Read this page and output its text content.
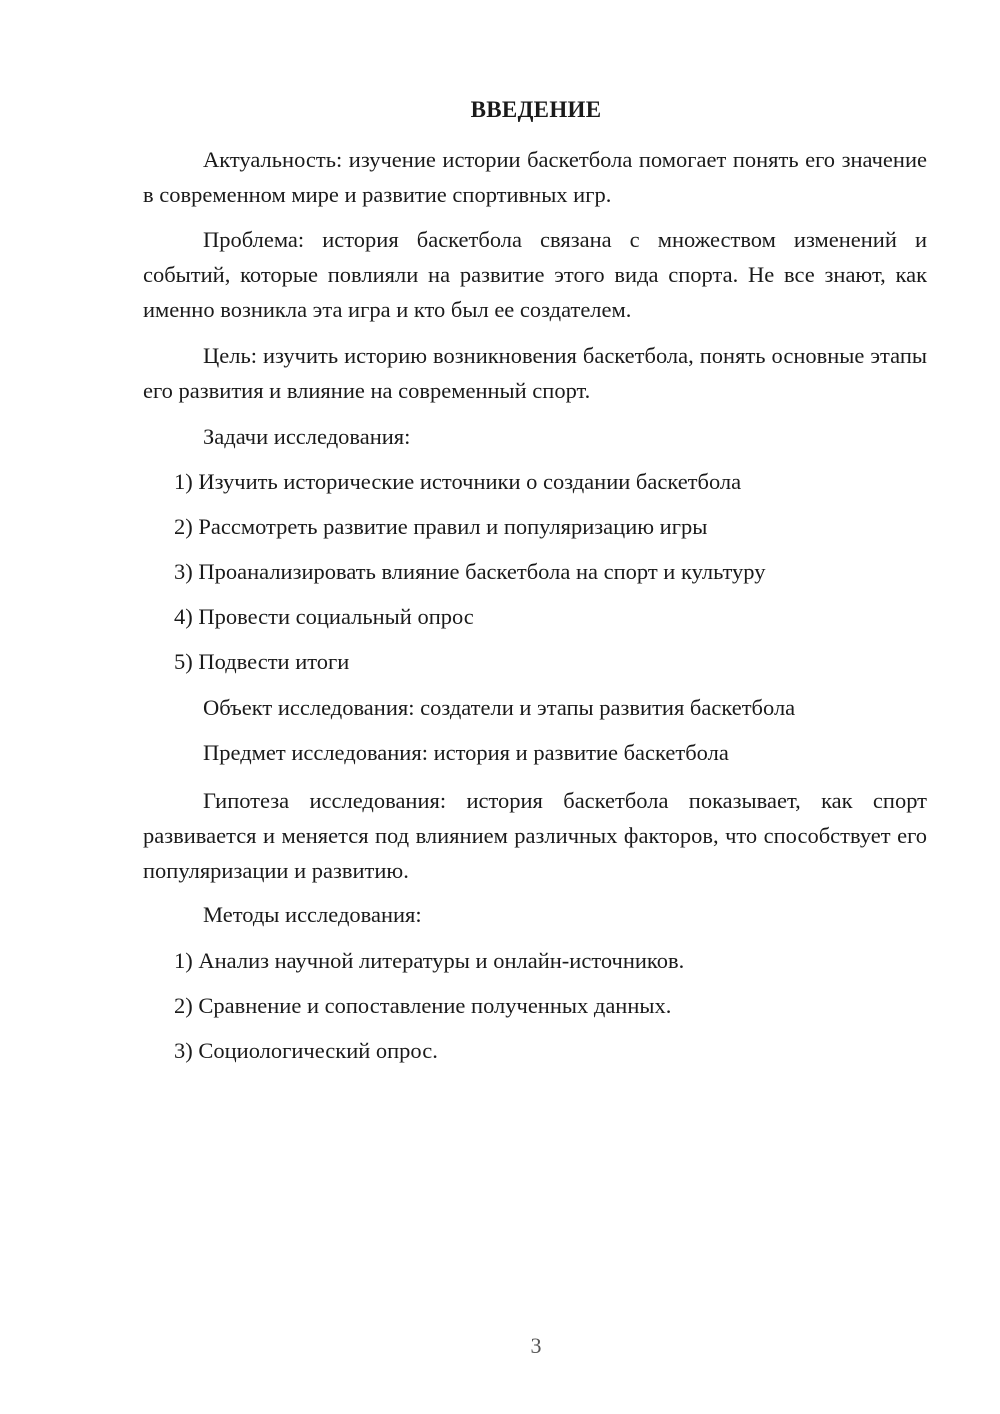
ВВЕДЕНИЕ

Актуальность: изучение истории баскетбола помогает понять его значение в современном мире и развитие спортивных игр.

Проблема: история баскетбола связана с множеством изменений и событий, которые повлияли на развитие этого вида спорта. Не все знают, как именно возникла эта игра и кто был ее создателем.

Цель: изучить историю возникновения баскетбола, понять основные этапы его развития и влияние на современный спорт.

Задачи исследования:
1) Изучить исторические источники о создании баскетбола
2) Рассмотреть развитие правил и популяризацию игры
3) Проанализировать влияние баскетбола на спорт и культуру
4) Провести социальный опрос
5) Подвести итоги
Объект исследования: создатели и этапы развития баскетбола
Предмет исследования: история и развитие баскетбола

Гипотеза исследования: история баскетбола показывает, как спорт развивается и меняется под влиянием различных факторов, что способствует его популяризации и развитию.

Методы исследования:
1) Анализ научной литературы и онлайн-источников.
2) Сравнение и сопоставление полученных данных.
3) Социологический опрос.
3
